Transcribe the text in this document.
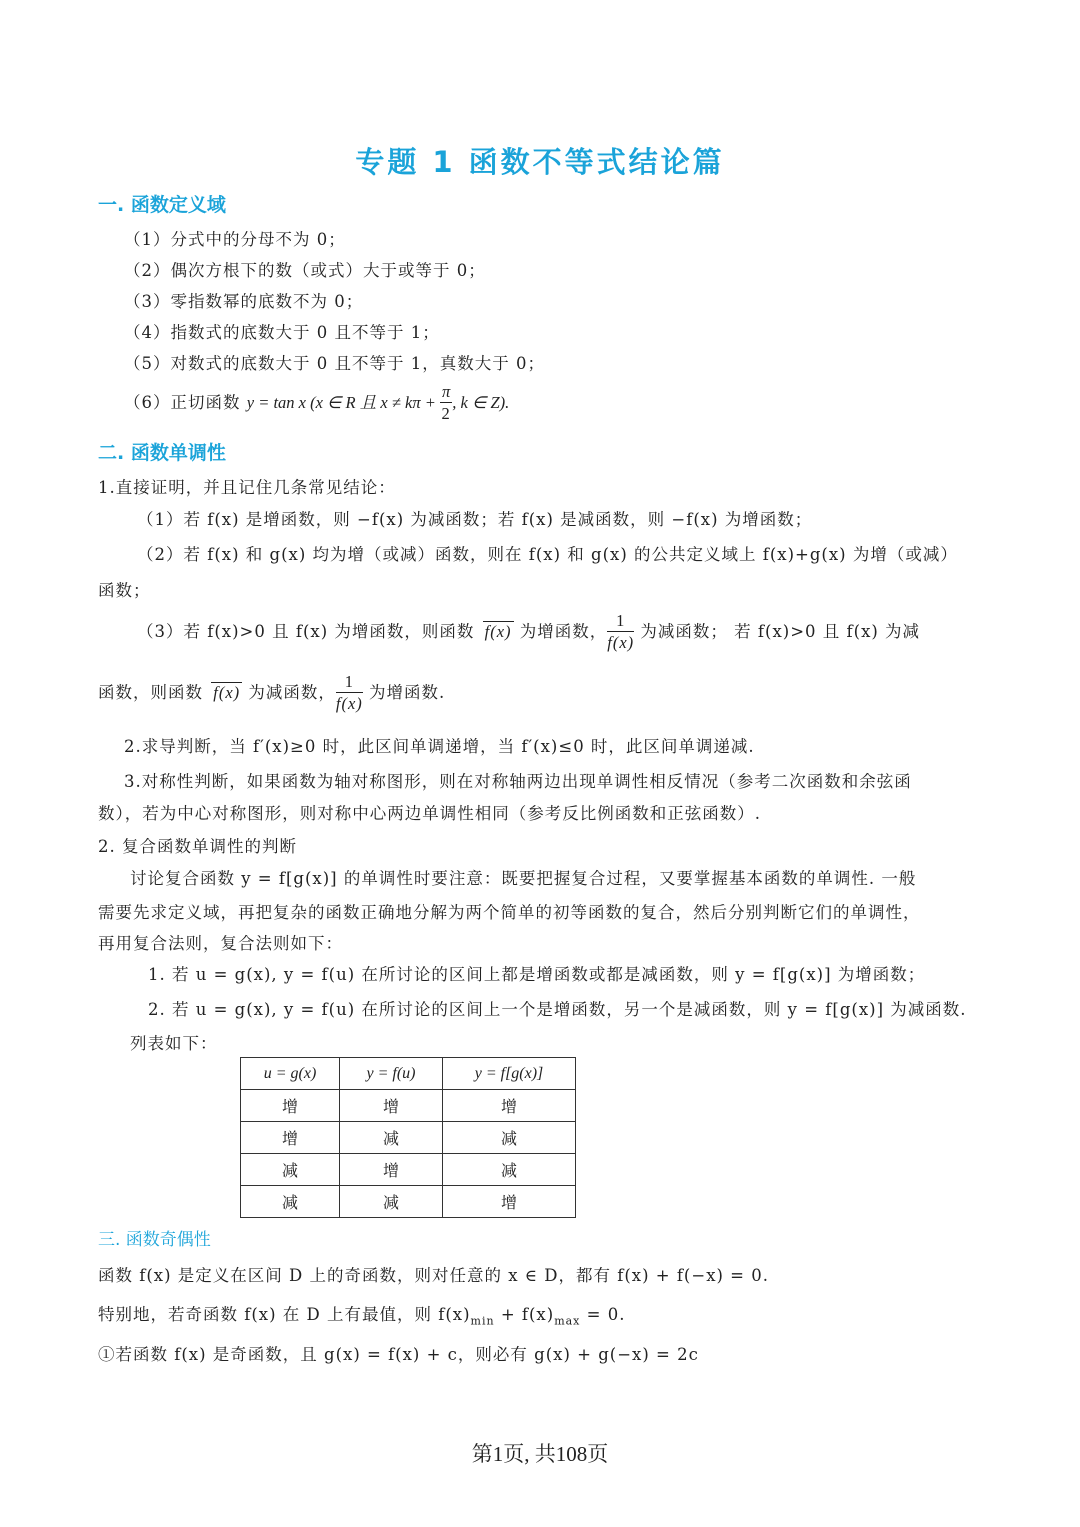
专题 1 函数不等式结论篇
一. 函数定义域
（1）分式中的分母不为 0；
（2）偶次方根下的数（或式）大于或等于 0；
（3）零指数幂的底数不为 0；
（4）指数式的底数大于 0 且不等于 1；
（5）对数式的底数大于 0 且不等于 1，真数大于 0；
（6）正切函数 y = tan x (x ∈ R 且 $x \ne k\pi + \frac{\pi}{2}$ , k ∈ Z).
二. 函数单调性
1.直接证明，并且记住几条常见结论：
（1）若 f(x) 是增函数，则 −f(x) 为减函数；若 f(x) 是减函数，则 −f(x) 为增函数；
（2）若 f(x) 和 g(x) 均为增（或减）函数，则在 f(x) 和 g(x) 的公共定义域上 f(x)+g(x) 为增（或减）
函数；
（3）若 f(x)>0 且 f(x) 为增函数，则函数 f(x) 为增函数， $\frac{1}{f(x)}$ 为减函数； 若 f(x)>0 且 f(x) 为减
函数，则函数 f(x) 为减函数， $\frac{1}{f(x)}$ 为增函数.
2.求导判断，当 f′(x)≥0 时，此区间单调递增，当 f′(x)≤0 时，此区间单调递减.
3.对称性判断，如果函数为轴对称图形，则在对称轴两边出现单调性相反情况（参考二次函数和余弦函
数），若为中心对称图形，则对称中心两边单调性相同（参考反比例函数和正弦函数）.
2. 复合函数单调性的判断
讨论复合函数 y = f[g(x)] 的单调性时要注意：既要把握复合过程，又要掌握基本函数的单调性. 一般
需要先求定义域，再把复杂的函数正确地分解为两个简单的初等函数的复合，然后分别判断它们的单调性，
再用复合法则，复合法则如下：
1. 若 u = g(x), y = f(u) 在所讨论的区间上都是增函数或都是减函数，则 y = f[g(x)] 为增函数；
2. 若 u = g(x), y = f(u) 在所讨论的区间上一个是增函数，另一个是减函数，则 y = f[g(x)] 为减函数.
列表如下：
u = g(x)	y = f(u)	y = f[g(x)]
增	增	增
增	减	减
减	增	减
减	减	增
三. 函数奇偶性
函数 f(x) 是定义在区间 D 上的奇函数，则对任意的 x ∈ D，都有 f(x) + f(−x) = 0.
特别地，若奇函数 f(x) 在 D 上有最值，则 $f(x)_{min} + f(x)_{max} = 0$.
①若函数 f(x) 是奇函数，且 g(x) = f(x) + c，则必有 g(x) + g(−x) = 2c
第1页, 共108页
